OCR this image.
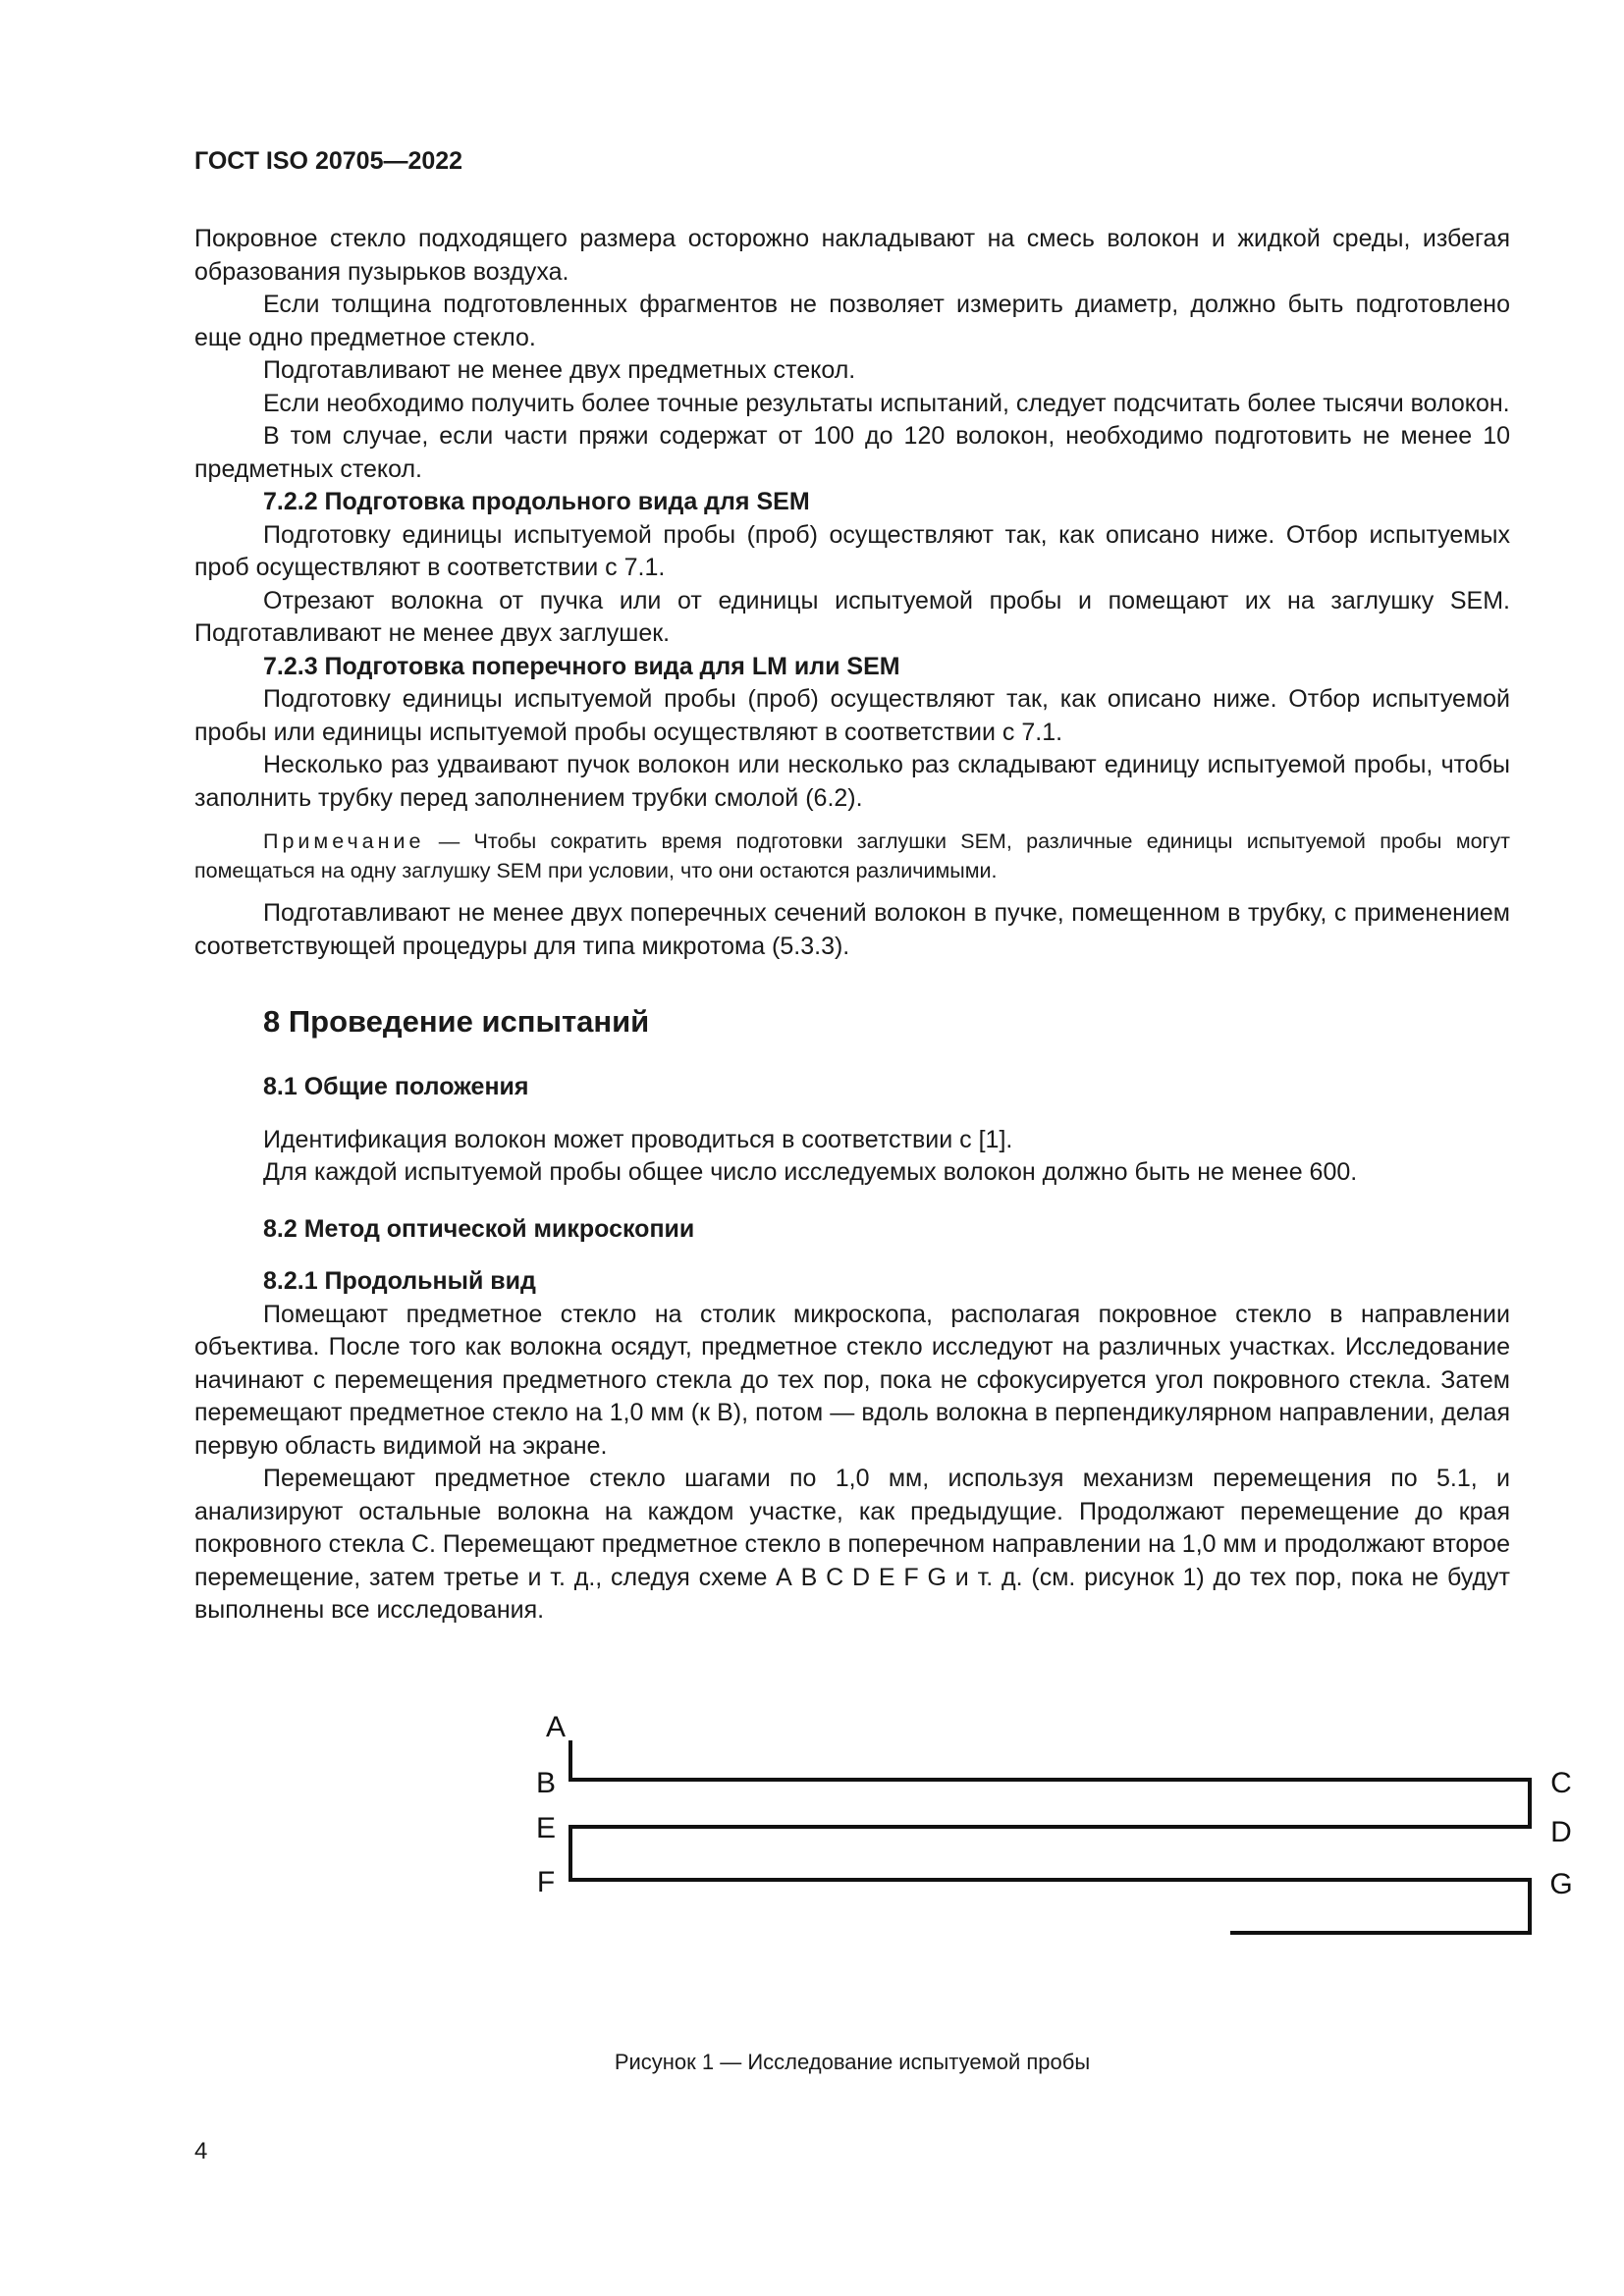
ГОСТ ISO 20705—2022

Покровное стекло подходящего размера осторожно накладывают на смесь волокон и жидкой среды, избегая образования пузырьков воздуха.

Если толщина подготовленных фрагментов не позволяет измерить диаметр, должно быть подготовлено еще одно предметное стекло.

Подготавливают не менее двух предметных стекол.

Если необходимо получить более точные результаты испытаний, следует подсчитать более тысячи волокон.

В том случае, если части пряжи содержат от 100 до 120 волокон, необходимо подготовить не менее 10 предметных стекол.

7.2.2 Подготовка продольного вида для SEM

Подготовку единицы испытуемой пробы (проб) осуществляют так, как описано ниже. Отбор испытуемых проб осуществляют в соответствии с 7.1.

Отрезают волокна от пучка или от единицы испытуемой пробы и помещают их на заглушку SEM. Подготавливают не менее двух заглушек.

7.2.3 Подготовка поперечного вида для LM или SEM

Подготовку единицы испытуемой пробы (проб) осуществляют так, как описано ниже. Отбор испытуемой пробы или единицы испытуемой пробы осуществляют в соответствии с 7.1.

Несколько раз удваивают пучок волокон или несколько раз складывают единицу испытуемой пробы, чтобы заполнить трубку перед заполнением трубки смолой (6.2).

Примечание — Чтобы сократить время подготовки заглушки SEM, различные единицы испытуемой пробы могут помещаться на одну заглушку SEM при условии, что они остаются различимыми.

Подготавливают не менее двух поперечных сечений волокон в пучке, помещенном в трубку, с применением соответствующей процедуры для типа микротома (5.3.3).

8 Проведение испытаний
8.1 Общие положения

Идентификация волокон может проводиться в соответствии с [1].

Для каждой испытуемой пробы общее число исследуемых волокон должно быть не менее 600.

8.2 Метод оптической микроскопии

8.2.1 Продольный вид

Помещают предметное стекло на столик микроскопа, располагая покровное стекло в направлении объектива. После того как волокна осядут, предметное стекло исследуют на различных участках. Исследование начинают с перемещения предметного стекла до тех пор, пока не сфокусируется угол покровного стекла. Затем перемещают предметное стекло на 1,0 мм (к В), потом — вдоль волокна в перпендикулярном направлении, делая первую область видимой на экране.

Перемещают предметное стекло шагами по 1,0 мм, используя механизм перемещения по 5.1, и анализируют остальные волокна на каждом участке, как предыдущие. Продолжают перемещение до края покровного стекла С. Перемещают предметное стекло в поперечном направлении на 1,0 мм и продолжают второе перемещение, затем третье и т. д., следуя схеме А В С D Е F G и т. д. (см. рисунок 1) до тех пор, пока не будут выполнены все исследования.

A
B	C
E	D
F	G
Рисунок 1 — Исследование испытуемой пробы
4
